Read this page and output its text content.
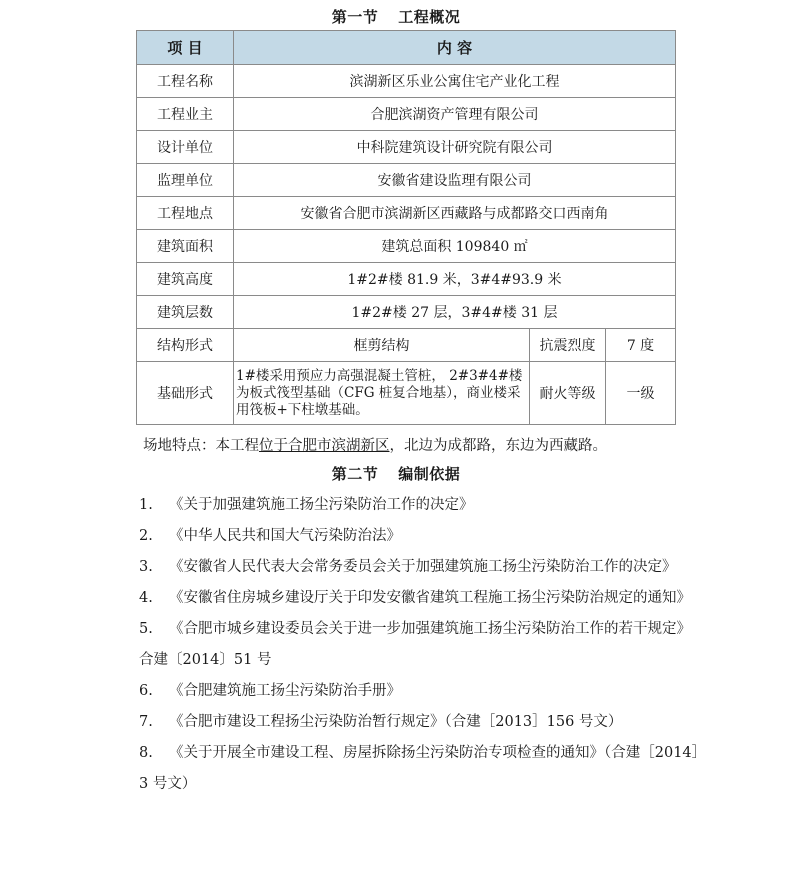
第一节 工程概况
项 目	内 容		
工程名称	滨湖新区乐业公寓住宅产业化工程		
工程业主	合肥滨湖资产管理有限公司		
设计单位	中科院建筑设计研究院有限公司		
监理单位	安徽省建设监理有限公司		
工程地点	安徽省合肥市滨湖新区西藏路与成都路交口西南角		
建筑面积	建筑总面积 109840 ㎡		
建筑高度	1#2#楼 81.9 米，3#4#93.9 米		
建筑层数	1#2#楼 27 层，3#4#楼 31 层		
结构形式	框剪结构	抗震烈度	7 度
基础形式	1#楼采用预应力高强混凝土管桩， 2#3#4#楼为板式筏型基础（CFG 桩复合地基），商业楼采用筏板+下柱墩基础。	耐火等级	一级
场地特点：本工程位于合肥市滨湖新区，北边为成都路，东边为西藏路。
第二节 编制依据
1. 《关于加强建筑施工扬尘污染防治工作的决定》
2. 《中华人民共和国大气污染防治法》
3. 《安徽省人民代表大会常务委员会关于加强建筑施工扬尘污染防治工作的决定》
4. 《安徽省住房城乡建设厅关于印发安徽省建筑工程施工扬尘污染防治规定的通知》
5. 《合肥市城乡建设委员会关于进一步加强建筑施工扬尘污染防治工作的若干规定》合建〔2014〕51 号
6. 《合肥建筑施工扬尘污染防治手册》
7. 《合肥市建设工程扬尘污染防治暂行规定》（合建［2013］156 号文）
8. 《关于开展全市建设工程、房屋拆除扬尘污染防治专项检查的通知》（合建［2014］3 号文）
